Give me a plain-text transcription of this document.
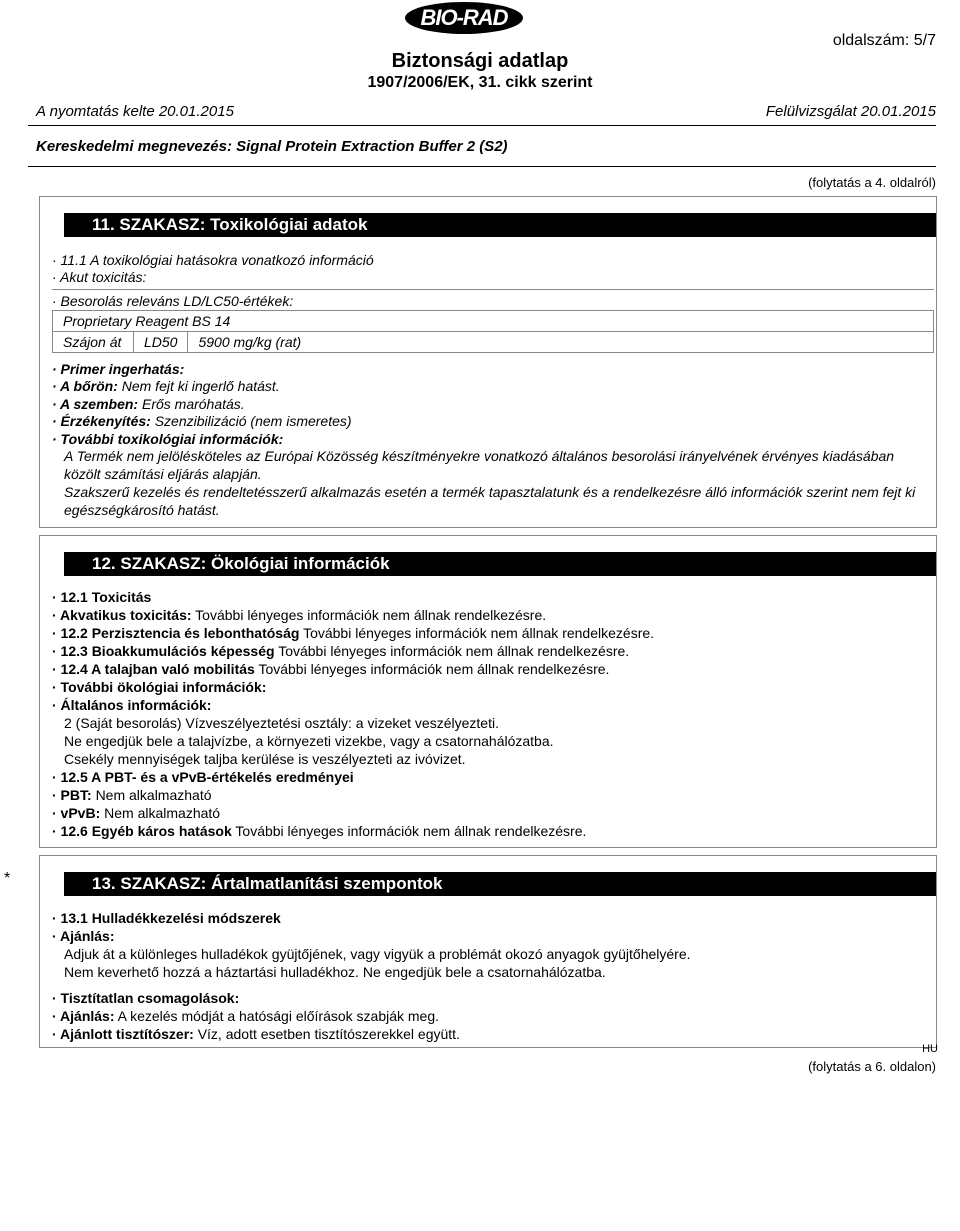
BIO-RAD
oldalszám: 5/7
Biztonsági adatlap
1907/2006/EK, 31. cikk szerint
A nyomtatás kelte 20.01.2015	Felülvizsgálat 20.01.2015
Kereskedelmi megnevezés: Signal Protein Extraction Buffer 2 (S2)
(folytatás a 4. oldalról)
11. SZAKASZ: Toxikológiai adatok
· 11.1 A toxikológiai hatásokra vonatkozó információ
· Akut toxicitás:
· Besorolás releváns LD/LC50-értékek:
Proprietary Reagent BS 14
Szájon át	LD50	5900 mg/kg (rat)
· Primer ingerhatás:
· A bőrön: Nem fejt ki ingerlő hatást.
· A szemben: Erős maróhatás.
· Érzékenyítés: Szenzibilizáció (nem ismeretes)
· További toxikológiai információk:
A Termék nem jelölésköteles az Európai Közösség készítményekre vonatkozó általános besorolási irányelvének érvényes kiadásában közölt számítási eljárás alapján.
Szakszerű kezelés és rendeltetésszerű alkalmazás esetén a termék tapasztalatunk és a rendelkezésre álló információk szerint nem fejt ki egészségkárosító hatást.
12. SZAKASZ: Ökológiai információk
· 12.1 Toxicitás
· Akvatikus toxicitás: További lényeges információk nem állnak rendelkezésre.
· 12.2 Perzisztencia és lebonthatóság További lényeges információk nem állnak rendelkezésre.
· 12.3 Bioakkumulációs képesség További lényeges információk nem állnak rendelkezésre.
· 12.4 A talajban való mobilitás További lényeges információk nem állnak rendelkezésre.
· További ökológiai információk:
· Általános információk:
2 (Saját besorolás) Vízveszélyeztetési osztály: a vizeket veszélyezteti.
Ne engedjük bele a talajvízbe, a környezeti vizekbe, vagy a csatornahálózatba.
Csekély mennyiségek taljba kerülése is veszélyezteti az ivóvizet.
· 12.5 A PBT- és a vPvB-értékelés eredményei
· PBT: Nem alkalmazható
· vPvB: Nem alkalmazható
· 12.6 Egyéb káros hatások További lényeges információk nem állnak rendelkezésre.
*	13. SZAKASZ: Ártalmatlanítási szempontok
· 13.1 Hulladékkezelési módszerek
· Ajánlás:
Adjuk át a különleges hulladékok gyüjtőjének, vagy vigyük a problémát okozó anyagok gyüjtőhelyére.
Nem keverhető hozzá a háztartási hulladékhoz. Ne engedjük bele a csatornahálózatba.
· Tisztítatlan csomagolások:
· Ajánlás: A kezelés módját a hatósági előírások szabják meg.
· Ajánlott tisztítószer: Víz, adott esetben tisztítószerekkel együtt.
HU
(folytatás a 6. oldalon)
